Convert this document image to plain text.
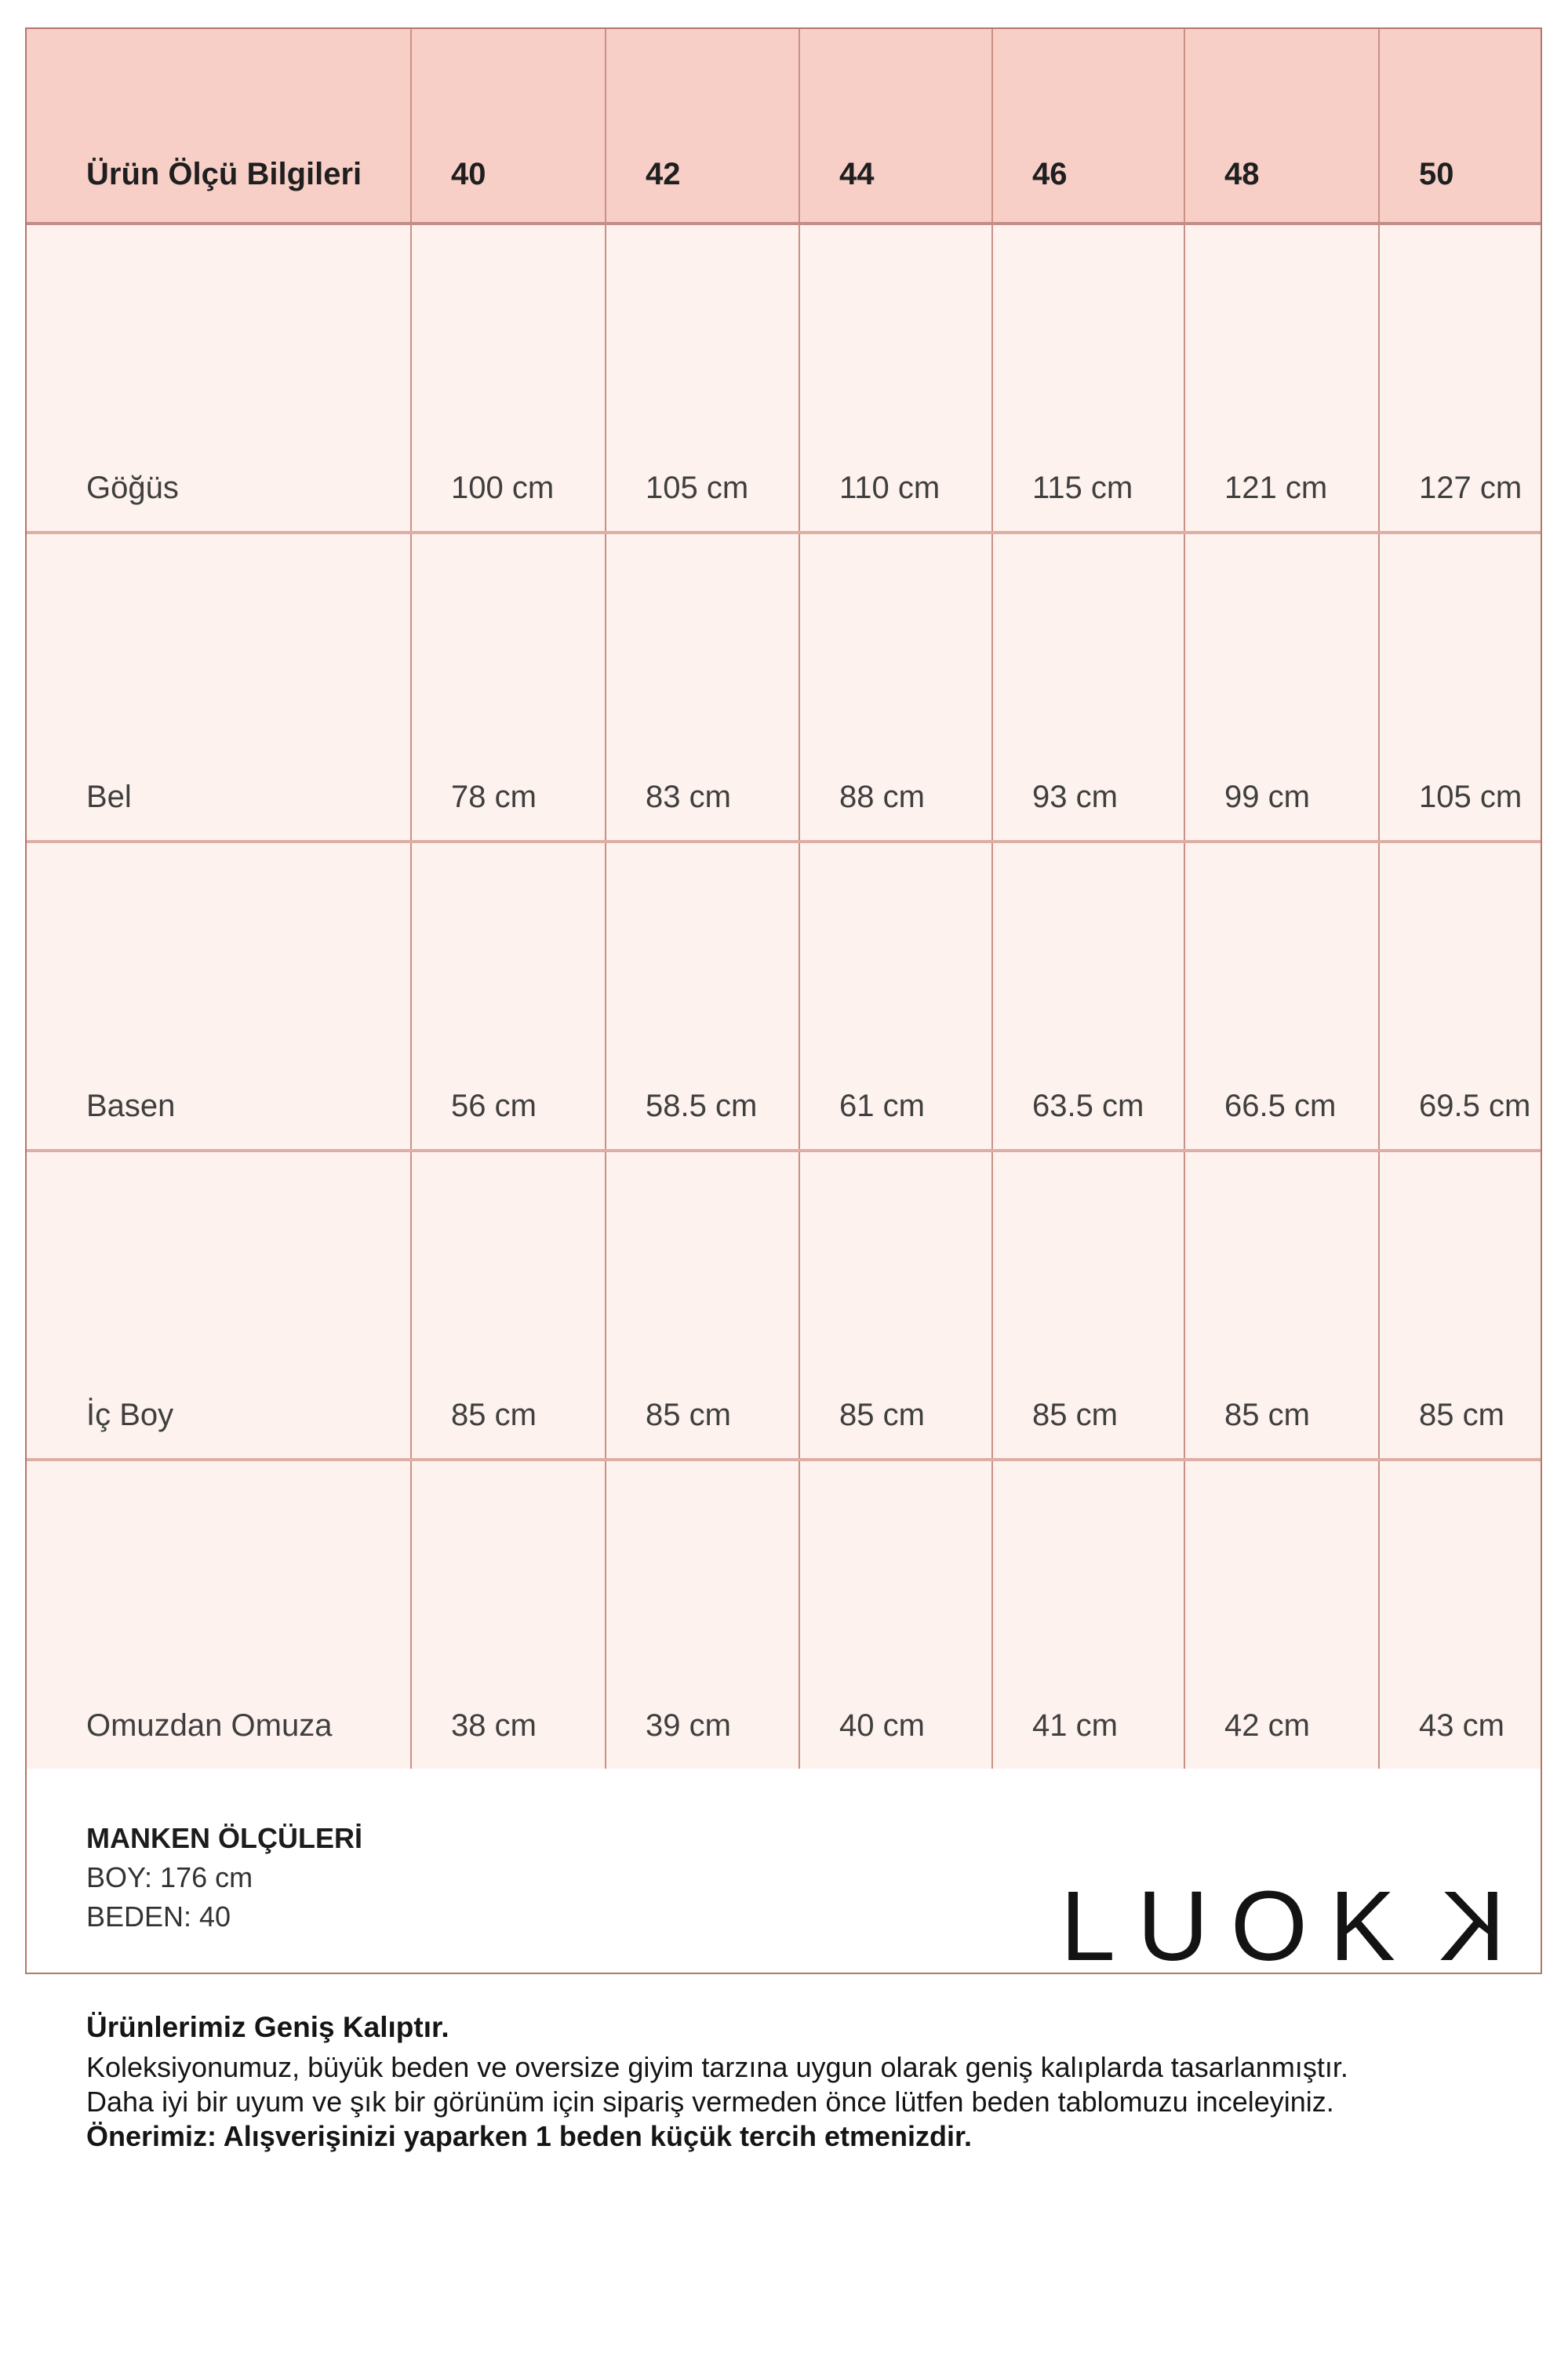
Ürün Ölçü Bilgileri	40	42	44	46	48	50
Göğüs	100 cm	105 cm	110 cm	115 cm	121 cm	127 cm
Bel	78 cm	83 cm	88 cm	93 cm	99 cm	105 cm
Basen	56 cm	58.5 cm	61 cm	63.5 cm	66.5 cm	69.5 cm
İç Boy	85 cm	85 cm	85 cm	85 cm	85 cm	85 cm
Omuzdan Omuza	38 cm	39 cm	40 cm	41 cm	42 cm	43 cm
MANKEN ÖLÇÜLERİ
BOY: 176 cm
BEDEN: 40	LUOKK
Ürünlerimiz Geniş Kalıptır.
Koleksiyonumuz, büyük beden ve oversize giyim tarzına uygun olarak geniş kalıplarda tasarlanmıştır.
Daha iyi bir uyum ve şık bir görünüm için sipariş vermeden önce lütfen beden tablomuzu inceleyiniz.
Önerimiz: Alışverişinizi yaparken 1 beden küçük tercih etmenizdir.
